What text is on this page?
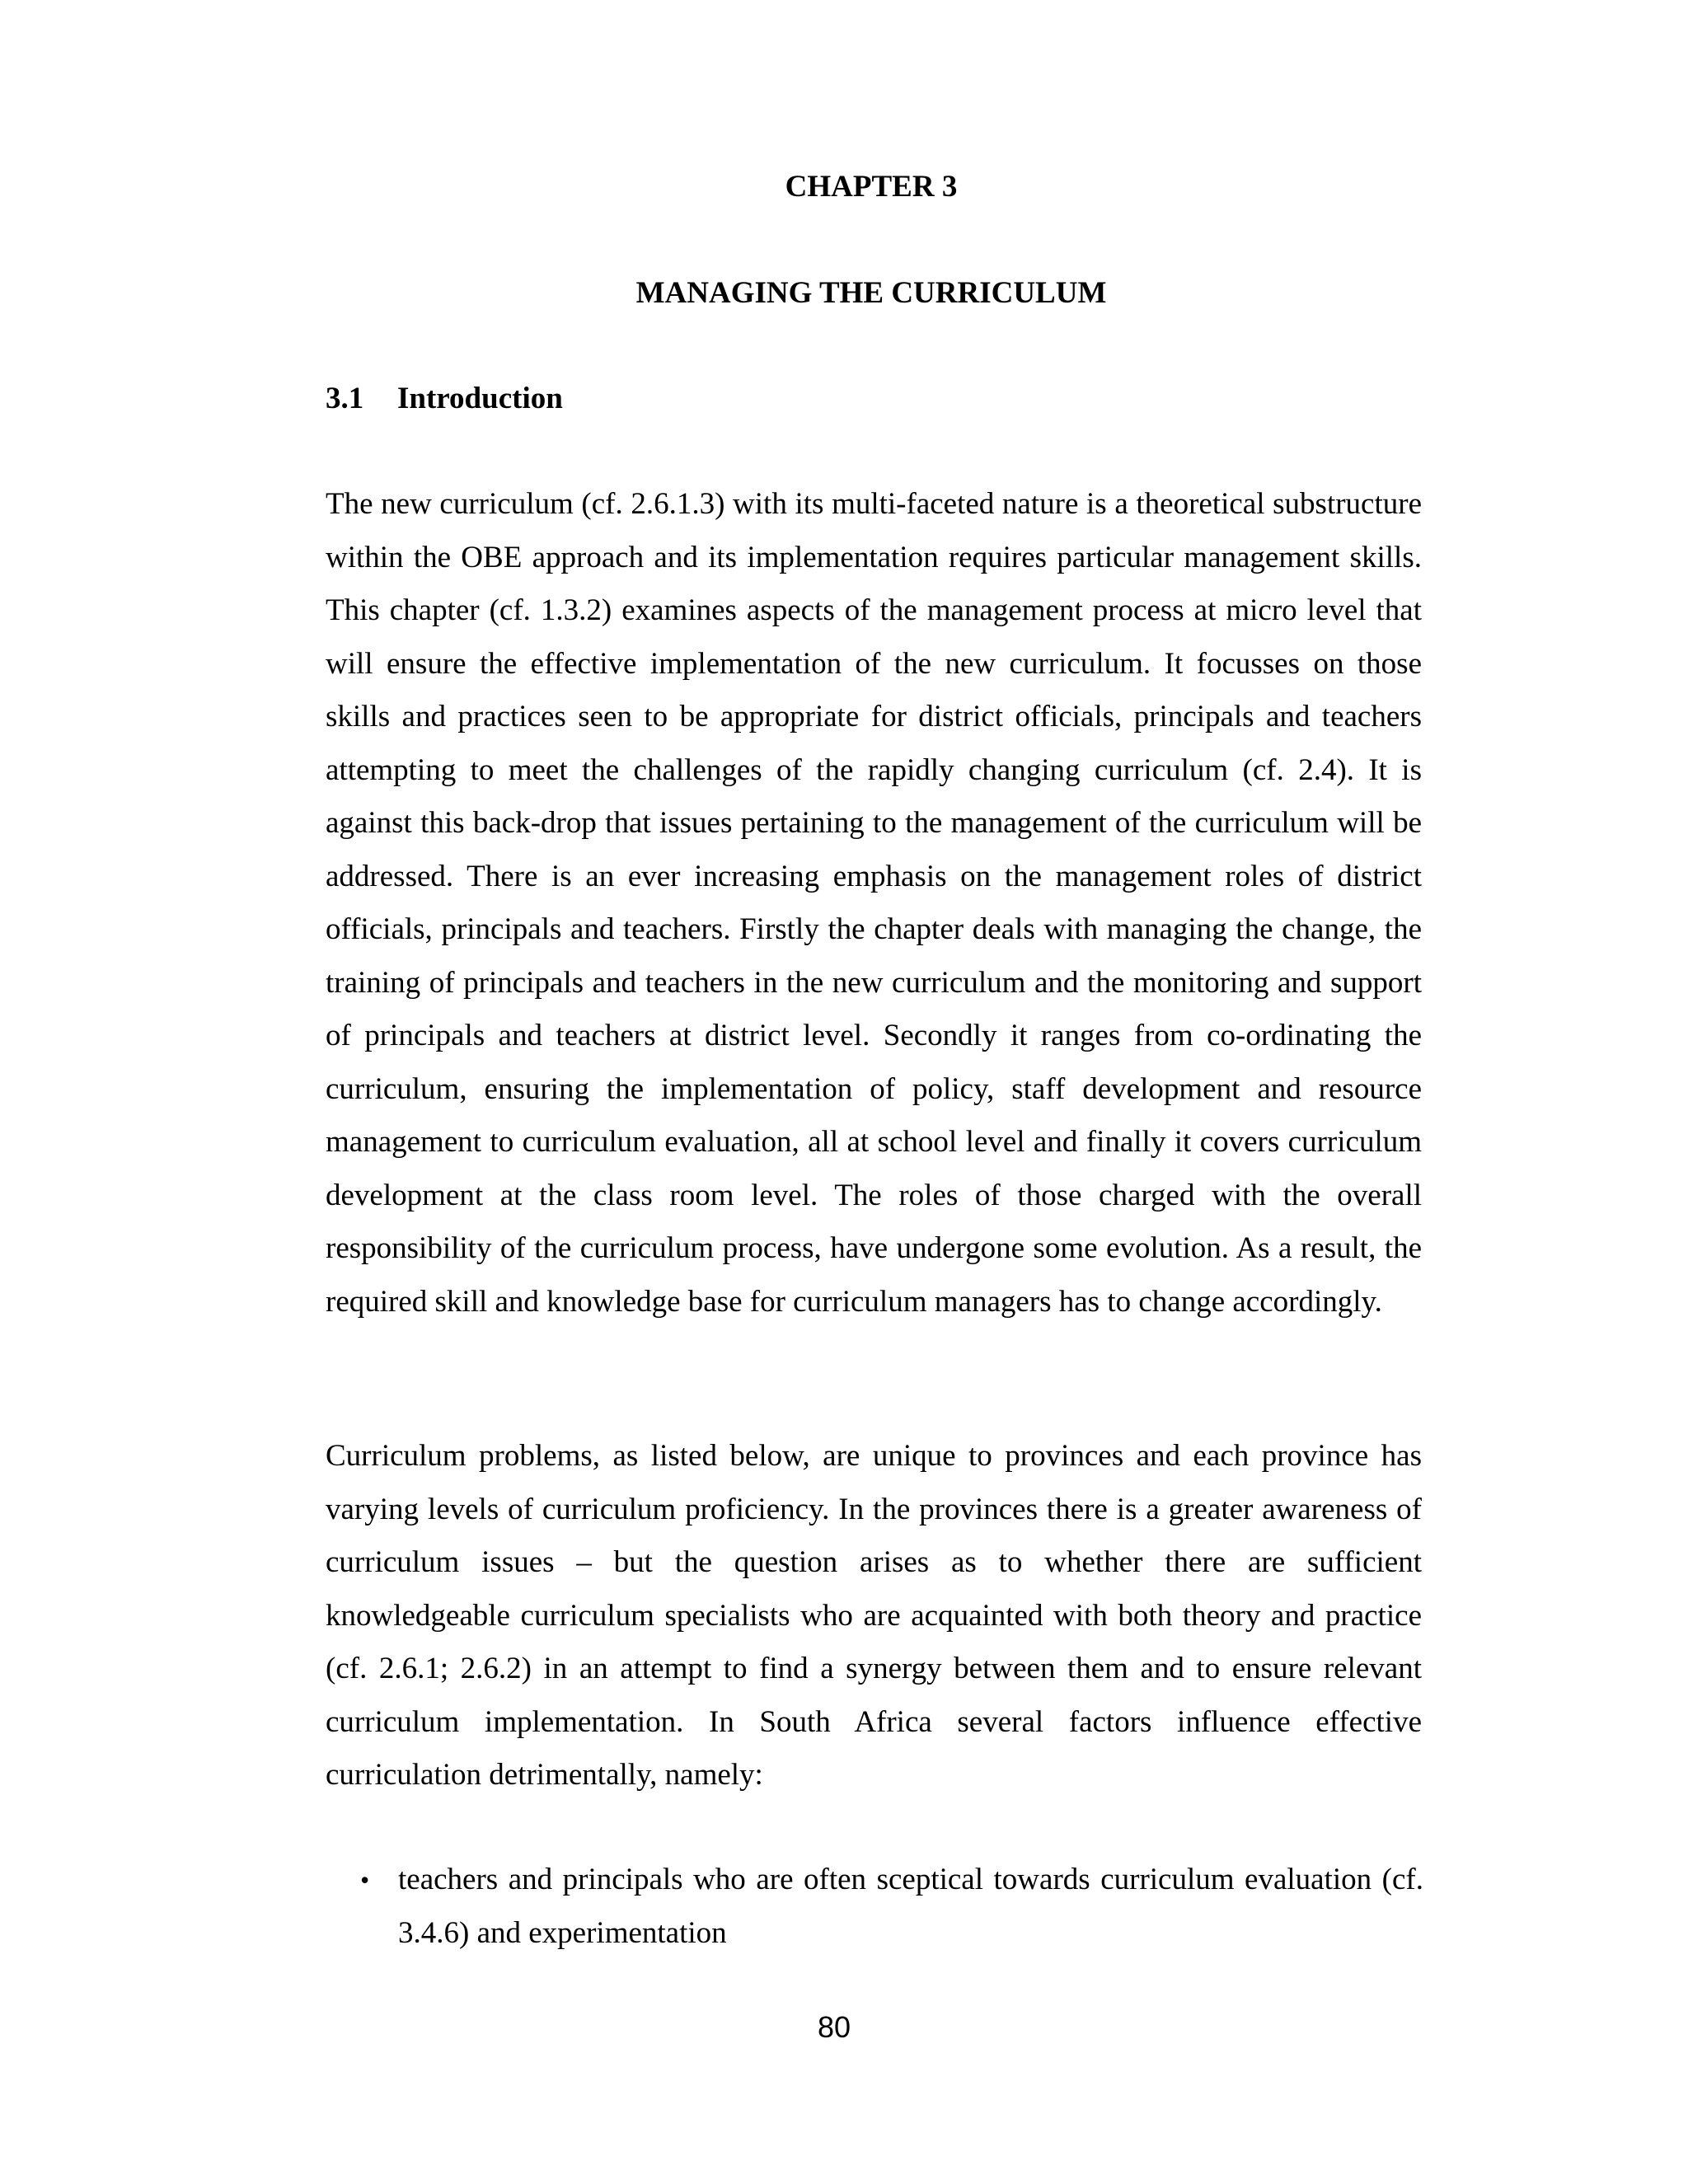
CHAPTER 3
MANAGING THE CURRICULUM
3.1 Introduction

The new curriculum (cf. 2.6.1.3) with its multi-faceted nature is a theoretical substructure within the OBE approach and its implementation requires particular management skills. This chapter (cf. 1.3.2) examines aspects of the management process at micro level that will ensure the effective implementation of the new curriculum. It focusses on those skills and practices seen to be appropriate for district officials, principals and teachers attempting to meet the challenges of the rapidly changing curriculum (cf. 2.4). It is against this back-drop that issues pertaining to the management of the curriculum will be addressed. There is an ever increasing emphasis on the management roles of district officials, principals and teachers. Firstly the chapter deals with managing the change, the training of principals and teachers in the new curriculum and the monitoring and support of principals and teachers at district level. Secondly it ranges from co-ordinating the curriculum, ensuring the implementation of policy, staff development and resource management to curriculum evaluation, all at school level and finally it covers curriculum development at the class room level. The roles of those charged with the overall responsibility of the curriculum process, have undergone some evolution. As a result, the required skill and knowledge base for curriculum managers has to change accordingly.

Curriculum problems, as listed below, are unique to provinces and each province has varying levels of curriculum proficiency. In the provinces there is a greater awareness of curriculum issues – but the question arises as to whether there are sufficient knowledgeable curriculum specialists who are acquainted with both theory and practice (cf. 2.6.1; 2.6.2) in an attempt to find a synergy between them and to ensure relevant curriculum implementation. In South Africa several factors influence effective curriculation detrimentally, namely:

• teachers and principals who are often sceptical towards curriculum evaluation (cf. 3.4.6) and experimentation
80
